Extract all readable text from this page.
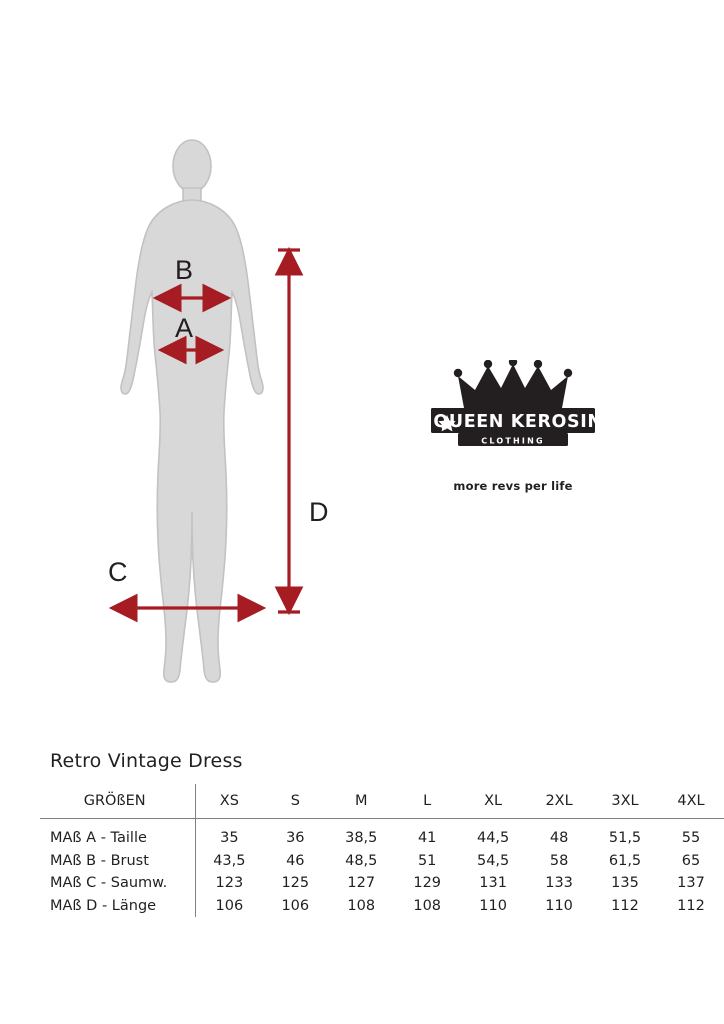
B
A
C
D
QUEEN KEROSIN
CLOTHING
more revs per life
Retro Vintage Dress
GRÖßEN	XS	S	M	L	XL	2XL	3XL	4XL

MAß A - Taille	35	36	38,5	41	44,5	48	51,5	55
MAß B - Brust	43,5	46	48,5	51	54,5	58	61,5	65
MAß C - Saumw.	123	125	127	129	131	133	135	137
MAß D - Länge	106	106	108	108	110	110	112	112
